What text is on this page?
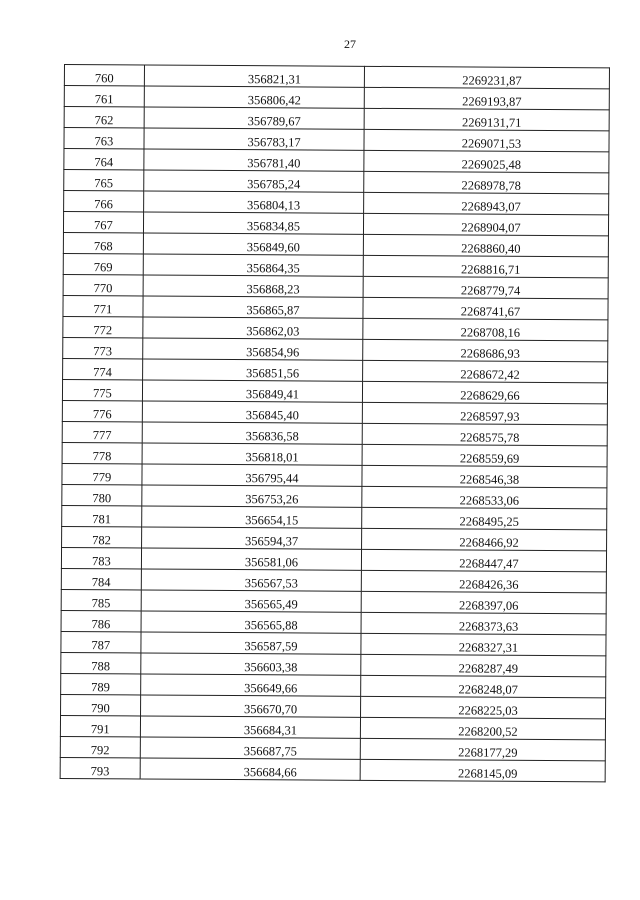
27
760	356821,31	2269231,87
761	356806,42	2269193,87
762	356789,67	2269131,71
763	356783,17	2269071,53
764	356781,40	2269025,48
765	356785,24	2268978,78
766	356804,13	2268943,07
767	356834,85	2268904,07
768	356849,60	2268860,40
769	356864,35	2268816,71
770	356868,23	2268779,74
771	356865,87	2268741,67
772	356862,03	2268708,16
773	356854,96	2268686,93
774	356851,56	2268672,42
775	356849,41	2268629,66
776	356845,40	2268597,93
777	356836,58	2268575,78
778	356818,01	2268559,69
779	356795,44	2268546,38
780	356753,26	2268533,06
781	356654,15	2268495,25
782	356594,37	2268466,92
783	356581,06	2268447,47
784	356567,53	2268426,36
785	356565,49	2268397,06
786	356565,88	2268373,63
787	356587,59	2268327,31
788	356603,38	2268287,49
789	356649,66	2268248,07
790	356670,70	2268225,03
791	356684,31	2268200,52
792	356687,75	2268177,29
793	356684,66	2268145,09
